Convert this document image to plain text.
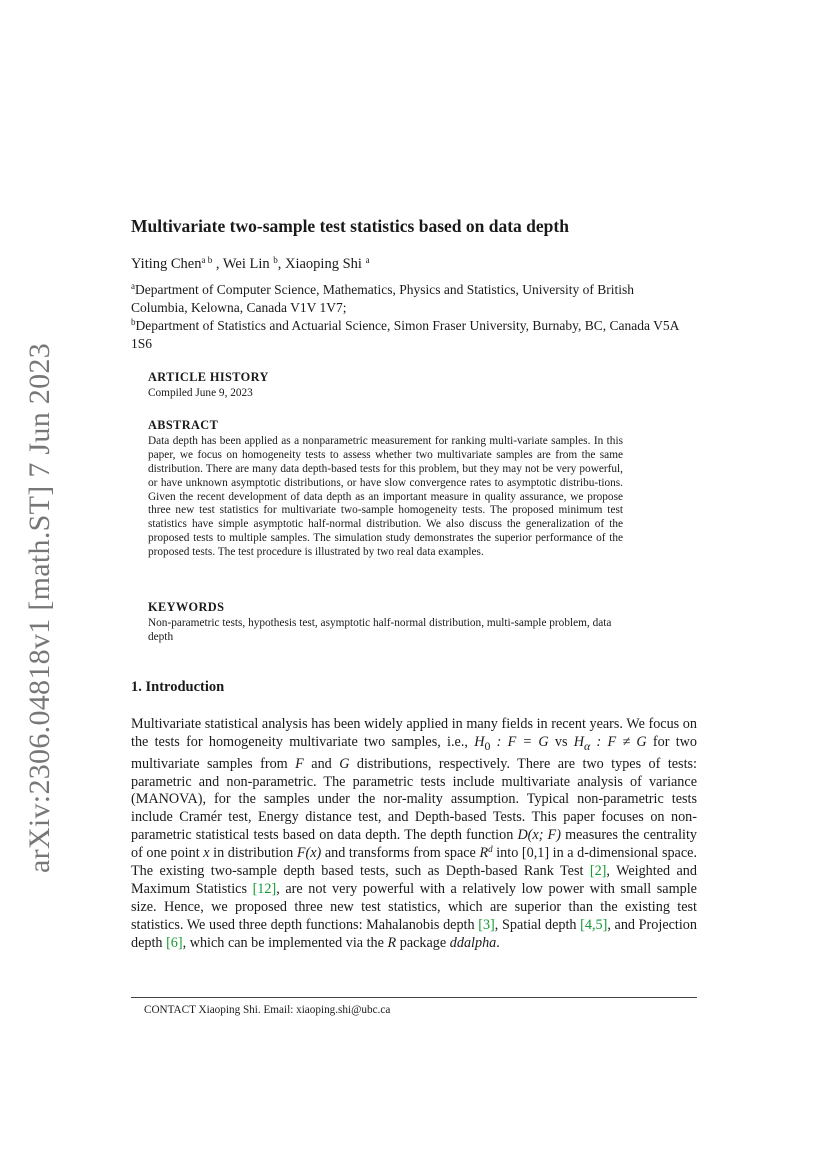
arXiv:2306.04818v1 [math.ST] 7 Jun 2023
Multivariate two-sample test statistics based on data depth
Yiting Chen$^{a b}$ , Wei Lin $^b$, Xiaoping Shi $^a$
$^a$Department of Computer Science, Mathematics, Physics and Statistics, University of British Columbia, Kelowna, Canada V1V 1V7;
$^b$Department of Statistics and Actuarial Science, Simon Fraser University, Burnaby, BC, Canada V5A 1S6
ARTICLE HISTORY
Compiled June 9, 2023
ABSTRACT
Data depth has been applied as a nonparametric measurement for ranking multi-variate samples. In this paper, we focus on homogeneity tests to assess whether two multivariate samples are from the same distribution. There are many data depth-based tests for this problem, but they may not be very powerful, or have unknown asymptotic distributions, or have slow convergence rates to asymptotic distribu-tions. Given the recent development of data depth as an important measure in quality assurance, we propose three new test statistics for multivariate two-sample homogeneity tests. The proposed minimum test statistics have simple asymptotic half-normal distribution. We also discuss the generalization of the proposed tests to multiple samples. The simulation study demonstrates the superior performance of the proposed tests. The test procedure is illustrated by two real data examples.
KEYWORDS
Non-parametric tests, hypothesis test, asymptotic half-normal distribution, multi-sample problem, data depth
1. Introduction

Multivariate statistical analysis has been widely applied in many fields in recent years. We focus on the tests for homogeneity multivariate two samples, i.e., $H_0$ : F = G vs $H_\alpha$ : F ≠ G for two multivariate samples from F and G distributions, respectively. There are two types of tests: parametric and non-parametric. The parametric tests include multivariate analysis of variance (MANOVA), for the samples under the nor-mality assumption. Typical non-parametric tests include Cramér test, Energy distance test, and Depth-based Tests. This paper focuses on non-parametric statistical tests based on data depth. The depth function D(x; F) measures the centrality of one point x in distribution F(x) and transforms from space $R^d$ into [0,1] in a d-dimensional space. The existing two-sample depth based tests, such as Depth-based Rank Test [2], Weighted and Maximum Statistics [12], are not very powerful with a relatively low power with small sample size. Hence, we proposed three new test statistics, which are superior than the existing test statistics. We used three depth functions: Mahalanobis depth [3], Spatial depth [4,5], and Projection depth [6], which can be implemented via the R package ddalpha.

CONTACT Xiaoping Shi. Email: xiaoping.shi@ubc.ca
